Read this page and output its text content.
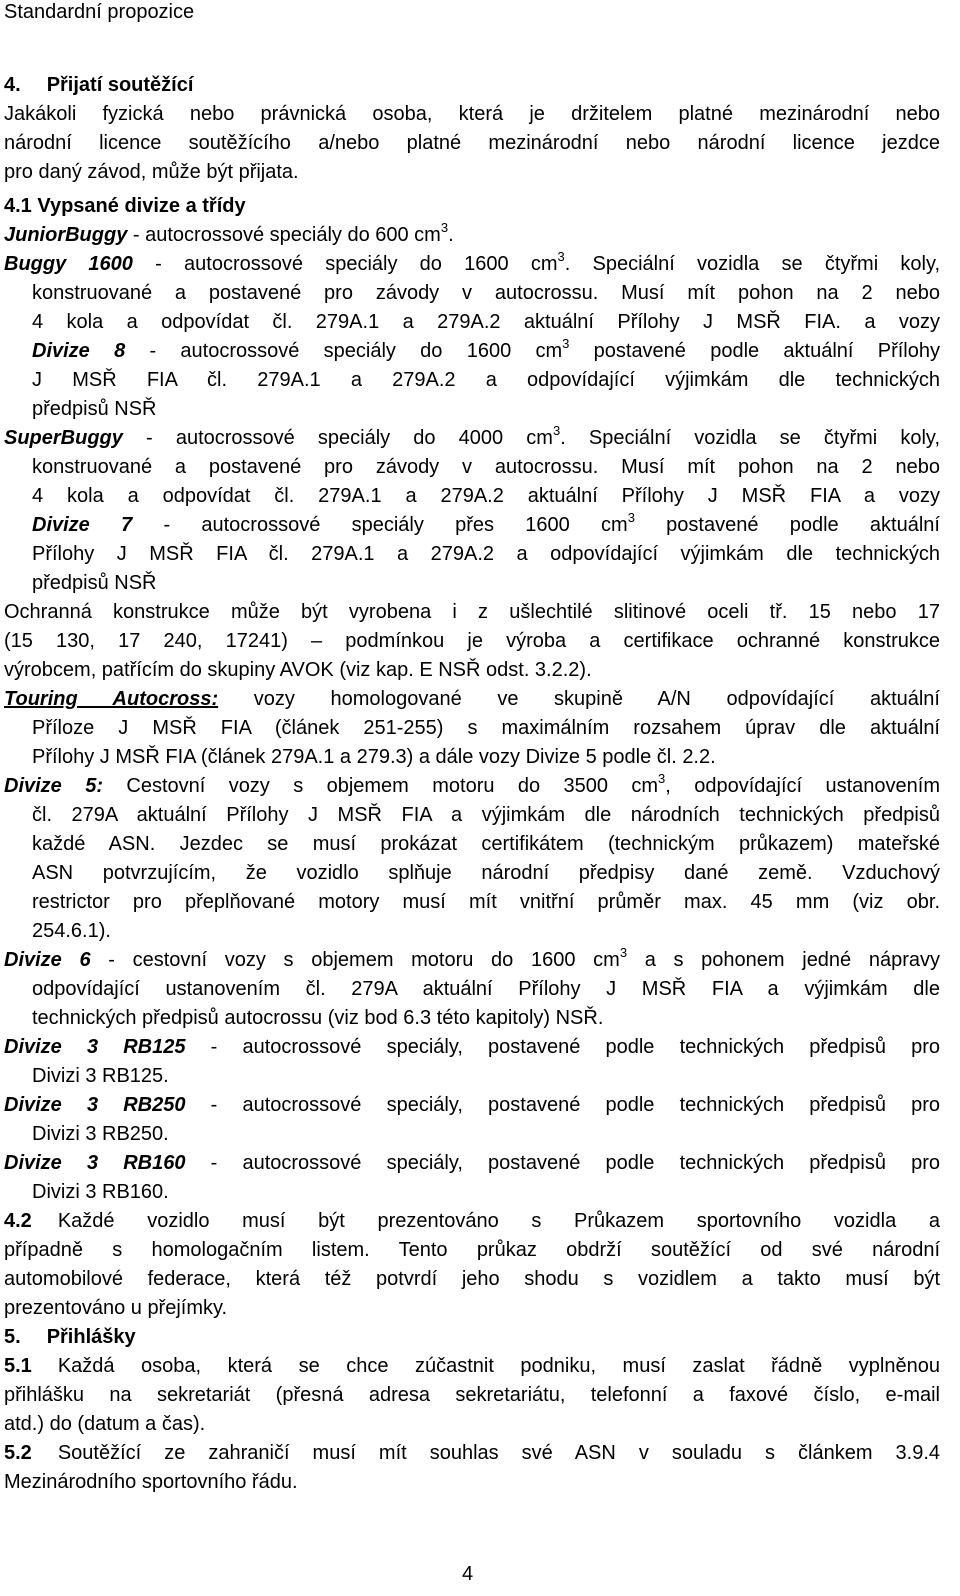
Standardní propozice
4. Přijatí soutěžící
Jakákoli fyzická nebo právnická osoba, která je držitelem platné mezinárodní nebo
národní licence soutěžícího a/nebo platné mezinárodní nebo národní licence jezdce
pro daný závod, může být přijata.
4.1 Vypsané divize a třídy
JuniorBuggy - autocrossové speciály do 600 $cm^3$.
Buggy 1600 - autocrossové speciály do 1600 $cm^3$. Speciální vozidla se čtyřmi koly,
konstruované a postavené pro závody v autocrossu. Musí mít pohon na 2 nebo
4 kola a odpovídat čl. 279A.1 a 279A.2 aktuální Přílohy J MSŘ FIA. a vozy
Divize 8 - autocrossové speciály do 1600 $cm^3$ postavené podle aktuální Přílohy
J MSŘ FIA čl. 279A.1 a 279A.2 a odpovídající výjimkám dle technických
předpisů NSŘ
SuperBuggy - autocrossové speciály do 4000 $cm^3$. Speciální vozidla se čtyřmi koly,
konstruované a postavené pro závody v autocrossu. Musí mít pohon na 2 nebo
4 kola a odpovídat čl. 279A.1 a 279A.2 aktuální Přílohy J MSŘ FIA a vozy
Divize 7 - autocrossové speciály přes 1600 $cm^3$ postavené podle aktuální
Přílohy J MSŘ FIA čl. 279A.1 a 279A.2 a odpovídající výjimkám dle technických
předpisů NSŘ
Ochranná konstrukce může být vyrobena i z ušlechtilé slitinové oceli tř. 15 nebo 17
(15 130, 17 240, 17241) – podmínkou je výroba a certifikace ochranné konstrukce
výrobcem, patřícím do skupiny AVOK (viz kap. E NSŘ odst. 3.2.2).
Touring Autocross: vozy homologované ve skupině A/N odpovídající aktuální
Příloze J MSŘ FIA (článek 251-255) s maximálním rozsahem úprav dle aktuální
Přílohy J MSŘ FIA (článek 279A.1 a 279.3) a dále vozy Divize 5 podle čl. 2.2.
Divize 5: Cestovní vozy s objemem motoru do 3500 $cm^3$, odpovídající ustanovením
čl. 279A aktuální Přílohy J MSŘ FIA a výjimkám dle národních technických předpisů
každé ASN. Jezdec se musí prokázat certifikátem (technickým průkazem) mateřské
ASN potvrzujícím, že vozidlo splňuje národní předpisy dané země. Vzduchový
restrictor pro přeplňované motory musí mít vnitřní průměr max. 45 mm (viz obr.
254.6.1).
Divize 6 - cestovní vozy s objemem motoru do 1600 $cm^3$ a s pohonem jedné nápravy
odpovídající ustanovením čl. 279A aktuální Přílohy J MSŘ FIA a výjimkám dle
technických předpisů autocrossu (viz bod 6.3 této kapitoly) NSŘ.
Divize 3 RB125 - autocrossové speciály, postavené podle technických předpisů pro
Divizi 3 RB125.
Divize 3 RB250 - autocrossové speciály, postavené podle technických předpisů pro
Divizi 3 RB250.
Divize 3 RB160 - autocrossové speciály, postavené podle technických předpisů pro
Divizi 3 RB160.
4.2 Každé vozidlo musí být prezentováno s Průkazem sportovního vozidla a
případně s homologačním listem. Tento průkaz obdrží soutěžící od své národní
automobilové federace, která též potvrdí jeho shodu s vozidlem a takto musí být
prezentováno u přejímky.
5. Přihlášky
5.1 Každá osoba, která se chce zúčastnit podniku, musí zaslat řádně vyplněnou
přihlášku na sekretariát (přesná adresa sekretariátu, telefonní a faxové číslo, e-mail
atd.) do (datum a čas).
5.2 Soutěžící ze zahraničí musí mít souhlas své ASN v souladu s článkem 3.9.4
Mezinárodního sportovního řádu.
4
